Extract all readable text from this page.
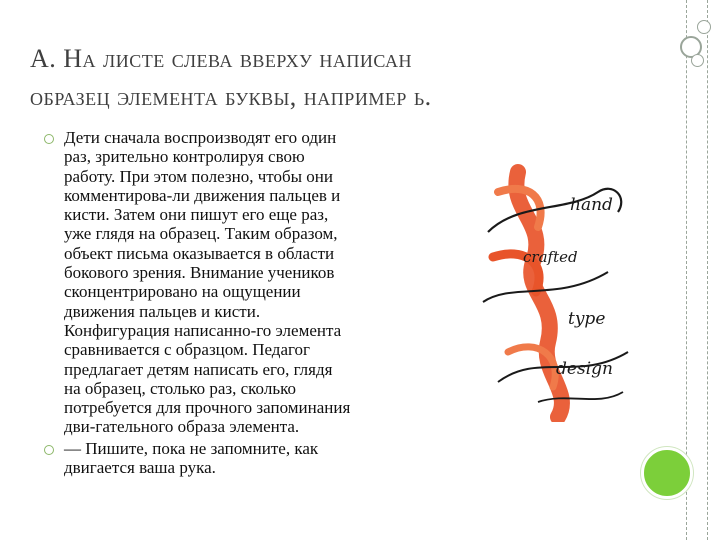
А. На листе слева вверху написан
образец элемента буквы, например ь.
Дети сначала воспроизводят его один
раз, зрительно контролируя свою
работу. При этом полезно, чтобы они
комментирова-ли движения пальцев и
кисти. Затем они пишут его еще раз,
уже глядя на образец. Таким образом,
объект письма оказывается в области
бокового зрения. Внимание учеников
сконцентрировано на ощущении
движения пальцев и кисти.
Конфигурация написанно-го элемента
сравнивается с образцом. Педагог
предлагает детям написать его, глядя
на образец, столько раз, сколько
потребуется для прочного запоминания
дви-гательного образа элемента.
— Пишите, пока не запомните, как
двигается ваша рука.
hand
crafted
type
design
